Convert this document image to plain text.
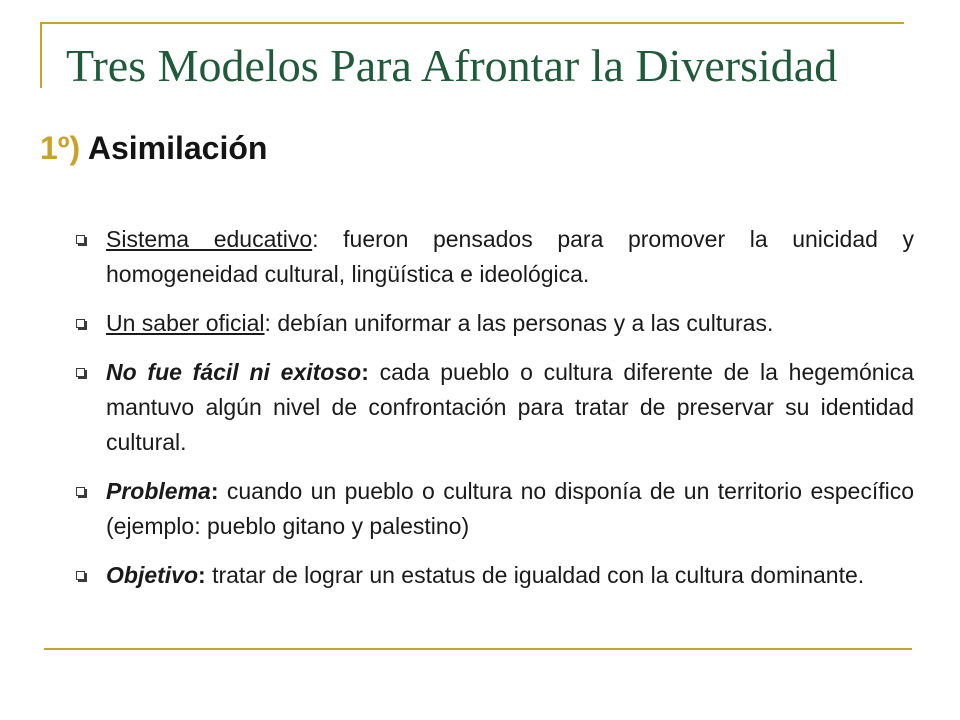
Tres Modelos Para Afrontar la Diversidad
1º) Asimilación
Sistema educativo: fueron pensados para promover la unicidad y homogeneidad cultural, lingüística e ideológica.
Un saber oficial: debían uniformar a las personas y a las culturas.
No fue fácil ni exitoso: cada pueblo o cultura diferente de la hegemónica mantuvo algún nivel de confrontación para tratar de preservar su identidad cultural.
Problema: cuando un pueblo o cultura no disponía de un territorio específico (ejemplo: pueblo gitano y palestino)
Objetivo: tratar de lograr un estatus de igualdad con la cultura dominante.
